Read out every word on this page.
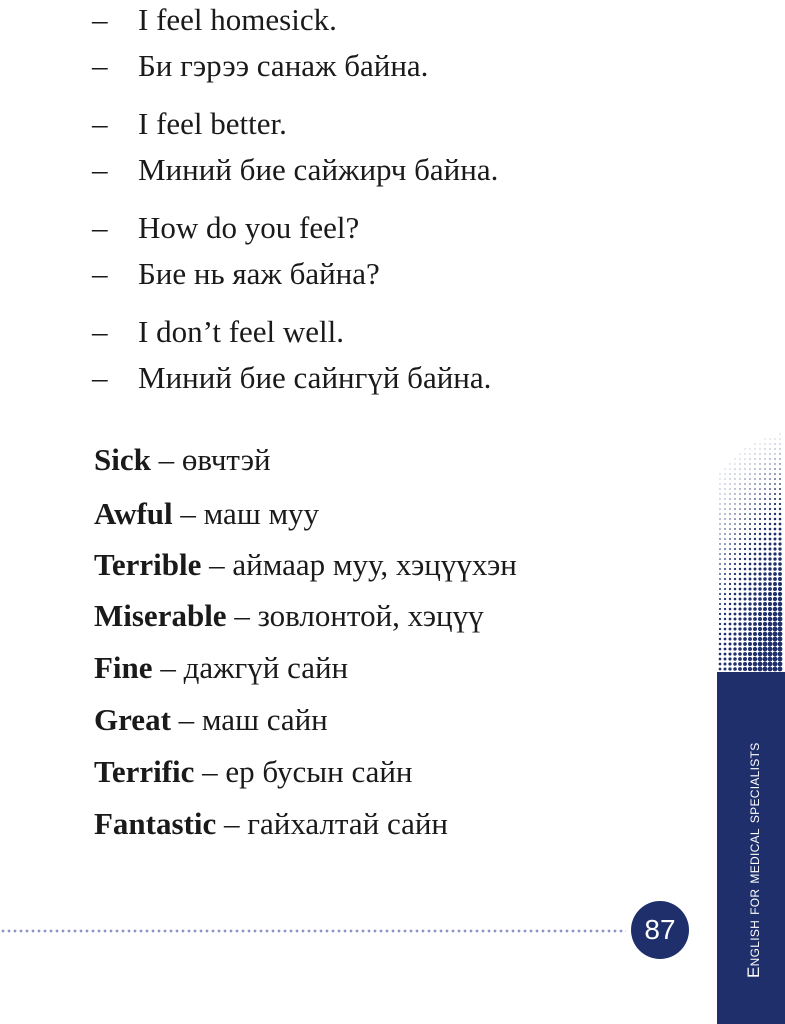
– I feel homesick.
– Би гэрээ санаж байна.
– I feel better.
– Миний бие сайжирч байна.
– How do you feel?
– Бие нь яаж байна?
– I don’t feel well.
– Миний бие сайнгүй байна.
Sick – өвчтэй
Awful – маш муу
Terrible – аймаар муу, хэцүүхэн
Miserable – зовлонтой, хэцүү
Fine – дажгүй сайн
Great – маш сайн
Terrific – ер бусын сайн
Fantastic – гайхалтай сайн	English for medical specialists
87
